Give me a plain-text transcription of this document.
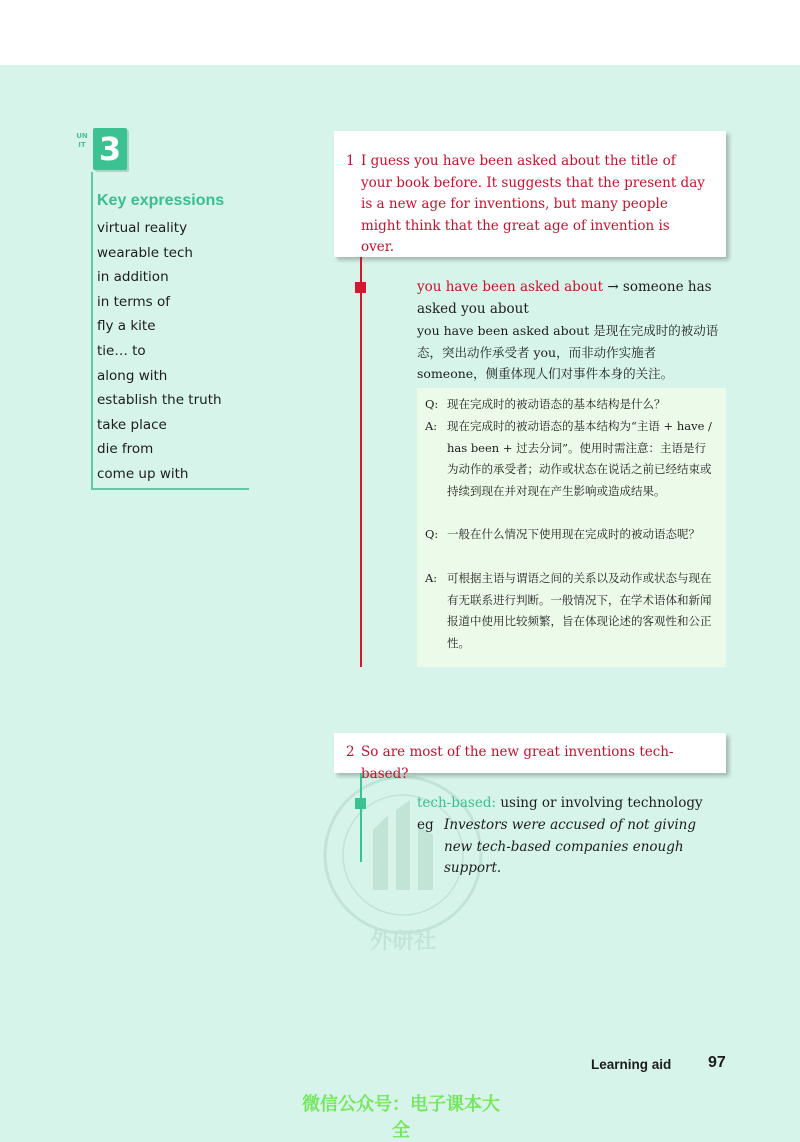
UNIT 3
Key expressions
virtual reality
wearable tech
in addition
in terms of
fly a kite
tie… to
along with
establish the truth
take place
die from
come up with
1 I guess you have been asked about the title of your book before. It suggests that the present day is a new age for inventions, but many people might think that the great age of invention is over.
you have been asked about → someone has asked you about
you have been asked about 是现在完成时的被动语态，突出动作承受者 you，而非动作实施者 someone，侧重体现人们对事件本身的关注。
Q: 现在完成时的被动语态的基本结构是什么？
A: 现在完成时的被动语态的基本结构为“主语 + have / has been + 过去分词”。使用时需注意：主语是行为动作的承受者；动作或状态在说话之前已经结束或持续到现在并对现在产生影响或造成结果。
Q: 一般在什么情况下使用现在完成时的被动语态呢？
A: 可根据主语与谓语之间的关系以及动作或状态与现在有无联系进行判断。一般情况下，在学术语体和新闻报道中使用比较频繁，旨在体现论述的客观性和公正性。
外研社
2 So are most of the new great inventions tech-based?
tech-based: using or involving technology
eg Investors were accused of not giving new tech-based companies enough support.
Learning aid 97
微信公众号：电子课本大全
